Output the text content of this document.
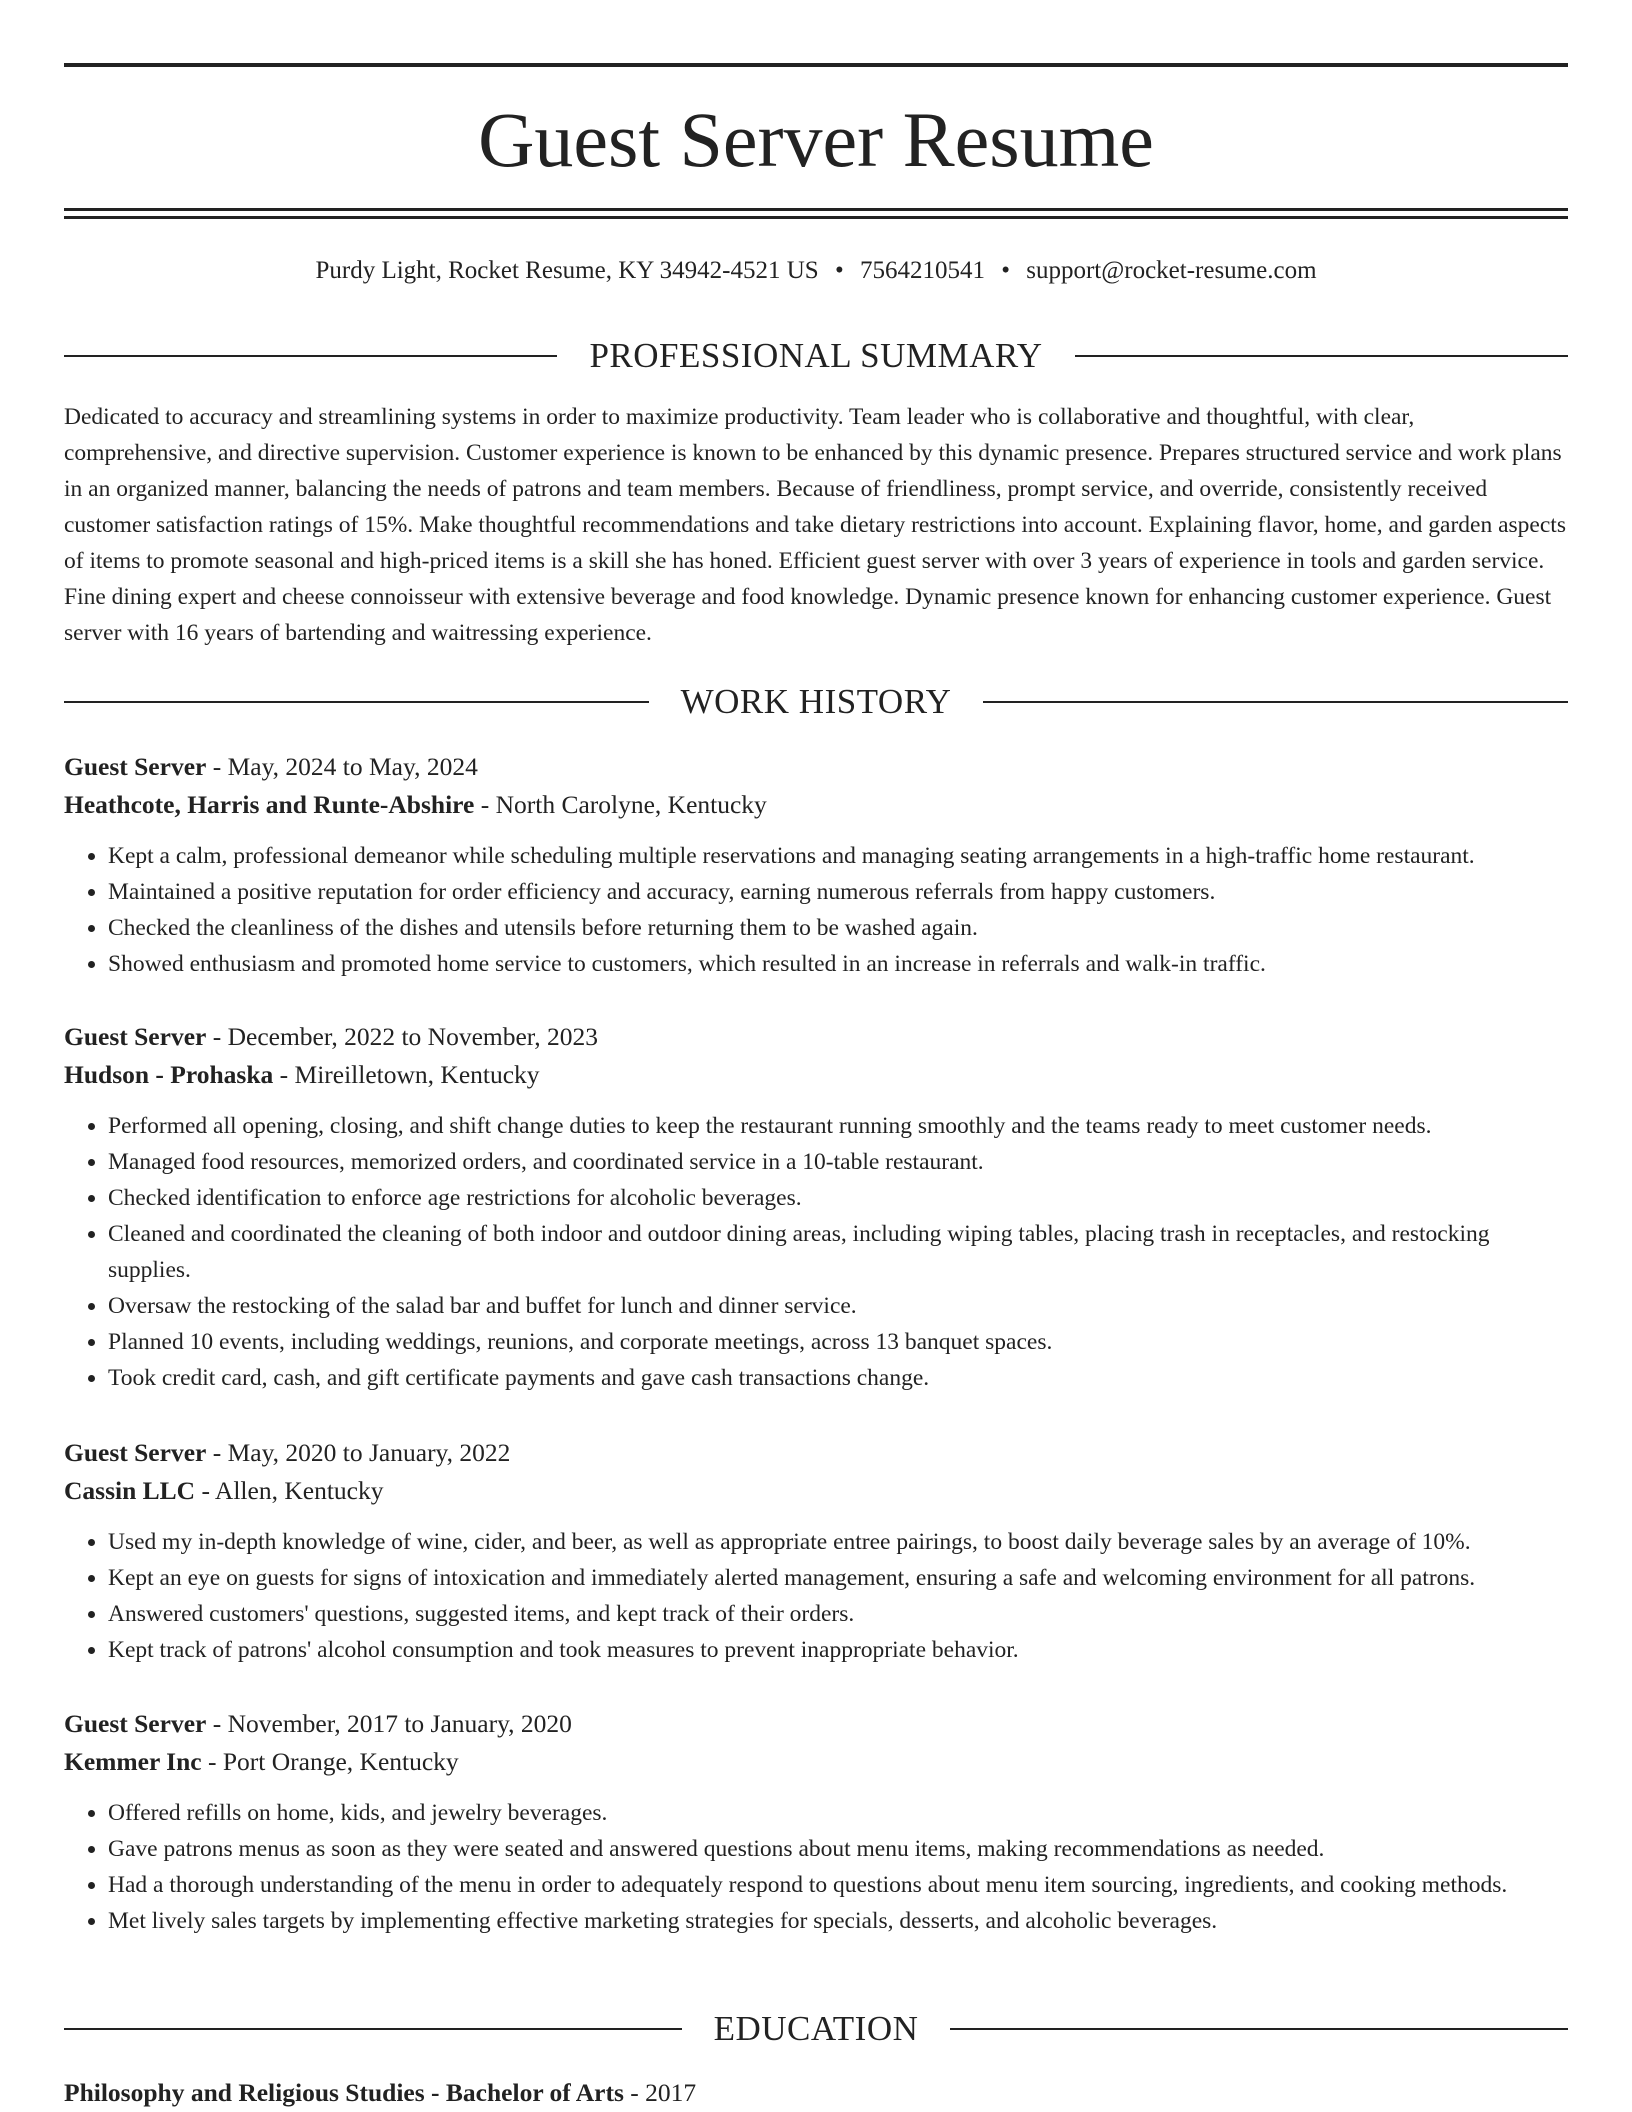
Guest Server Resume
Purdy Light, Rocket Resume, KY 34942-4521 US • 7564210541 • support@rocket-resume.com
PROFESSIONAL SUMMARY

Dedicated to accuracy and streamlining systems in order to maximize productivity. Team leader who is collaborative and thoughtful, with clear, comprehensive, and directive supervision. Customer experience is known to be enhanced by this dynamic presence. Prepares structured service and work plans in an organized manner, balancing the needs of patrons and team members. Because of friendliness, prompt service, and override, consistently received customer satisfaction ratings of 15%. Make thoughtful recommendations and take dietary restrictions into account. Explaining flavor, home, and garden aspects of items to promote seasonal and high-priced items is a skill she has honed. Efficient guest server with over 3 years of experience in tools and garden service. Fine dining expert and cheese connoisseur with extensive beverage and food knowledge. Dynamic presence known for enhancing customer experience. Guest server with 16 years of bartending and waitressing experience.

WORK HISTORY

Guest Server - May, 2024 to May, 2024

Heathcote, Harris and Runte-Abshire - North Carolyne, Kentucky

• Kept a calm, professional demeanor while scheduling multiple reservations and managing seating arrangements in a high-traffic home restaurant.
• Maintained a positive reputation for order efficiency and accuracy, earning numerous referrals from happy customers.
• Checked the cleanliness of the dishes and utensils before returning them to be washed again.
• Showed enthusiasm and promoted home service to customers, which resulted in an increase in referrals and walk-in traffic.

Guest Server - December, 2022 to November, 2023

Hudson - Prohaska - Mireilletown, Kentucky

• Performed all opening, closing, and shift change duties to keep the restaurant running smoothly and the teams ready to meet customer needs.
• Managed food resources, memorized orders, and coordinated service in a 10-table restaurant.
• Checked identification to enforce age restrictions for alcoholic beverages.
• Cleaned and coordinated the cleaning of both indoor and outdoor dining areas, including wiping tables, placing trash in receptacles, and restocking supplies.
• Oversaw the restocking of the salad bar and buffet for lunch and dinner service.
• Planned 10 events, including weddings, reunions, and corporate meetings, across 13 banquet spaces.
• Took credit card, cash, and gift certificate payments and gave cash transactions change.

Guest Server - May, 2020 to January, 2022

Cassin LLC - Allen, Kentucky

• Used my in-depth knowledge of wine, cider, and beer, as well as appropriate entree pairings, to boost daily beverage sales by an average of 10%.
• Kept an eye on guests for signs of intoxication and immediately alerted management, ensuring a safe and welcoming environment for all patrons.
• Answered customers' questions, suggested items, and kept track of their orders.
• Kept track of patrons' alcohol consumption and took measures to prevent inappropriate behavior.

Guest Server - November, 2017 to January, 2020

Kemmer Inc - Port Orange, Kentucky

• Offered refills on home, kids, and jewelry beverages.
• Gave patrons menus as soon as they were seated and answered questions about menu items, making recommendations as needed.
• Had a thorough understanding of the menu in order to adequately respond to questions about menu item sourcing, ingredients, and cooking methods.
• Met lively sales targets by implementing effective marketing strategies for specials, desserts, and alcoholic beverages.
EDUCATION

Philosophy and Religious Studies - Bachelor of Arts - 2017
